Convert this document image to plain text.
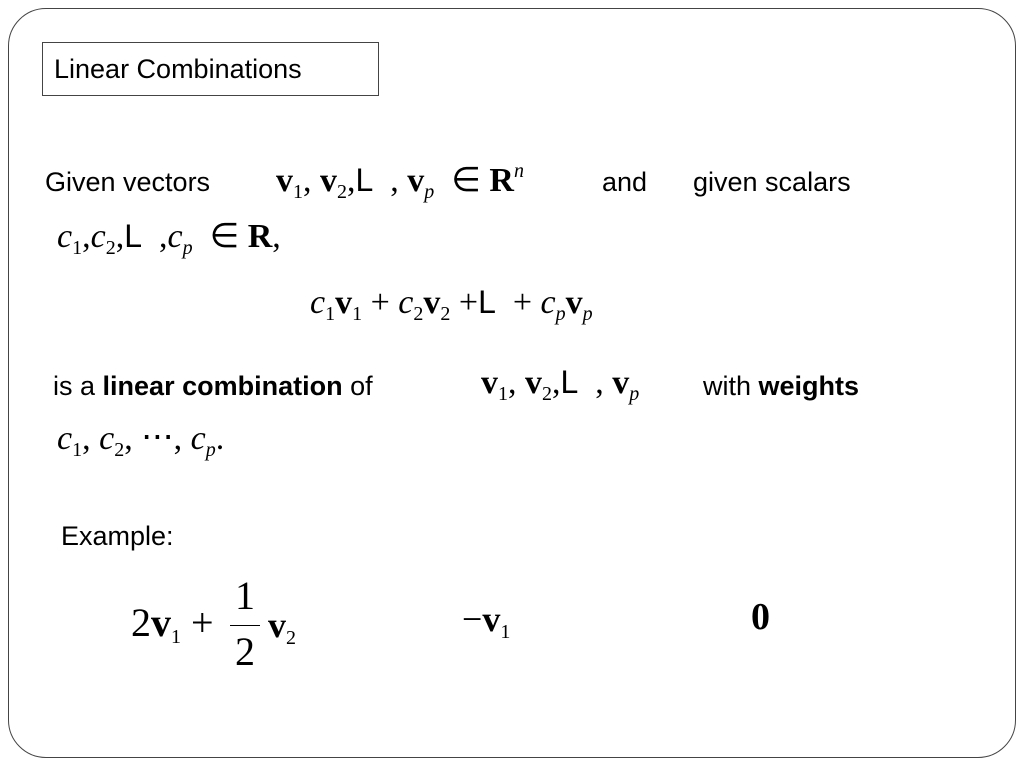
Linear Combinations
Given vectors $v_1$, $v_2,L$  , $v_p$  ∈ $R^n$	and given scalars
$c_1,c_2,L$  $,c_p$  ∈ R,
$c_1v_1 + c_2v_2 +L + c_pv_p$
is a linear combination of	$v_1$, $v_2,L$  , $v_p$ with weights
$c_1$, $c_2$, ⋅⋅⋅, $c_p$.
Example:
$2v_1$ +
1
2
$v_2$	$-v_1$	0
